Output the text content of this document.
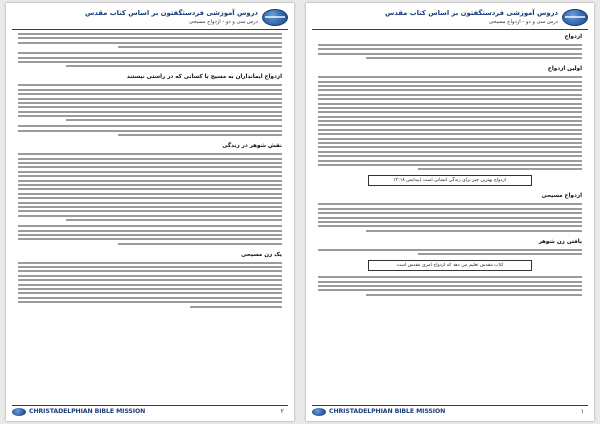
دروس آموزشی فردستگفتون بر اساس کتاب مقدس
درس سی و دو - ازدواج مسیحی
ازدواج ایمانداران به مسیح با کسانی که در راستی نیستند
نقش شوهر در زندگی
یک زن مسیحی
CHRISTADELPHIAN BIBLE MISSION	۲
دروس آموزشی فردستگفتون بر اساس کتاب مقدس
درس سی و دو - ازدواج مسیحی
ازدواج
اولین ازدواج
ازدواج بهترین چیز برای زندگی انسانی است (پیدایش ۲:۱۸)
ازدواج مسیحی
یافتن زن شوهر
کتاب مقدس تعلیم می دهد که ازدواج امری مقدس است
CHRISTADELPHIAN BIBLE MISSION	۱
